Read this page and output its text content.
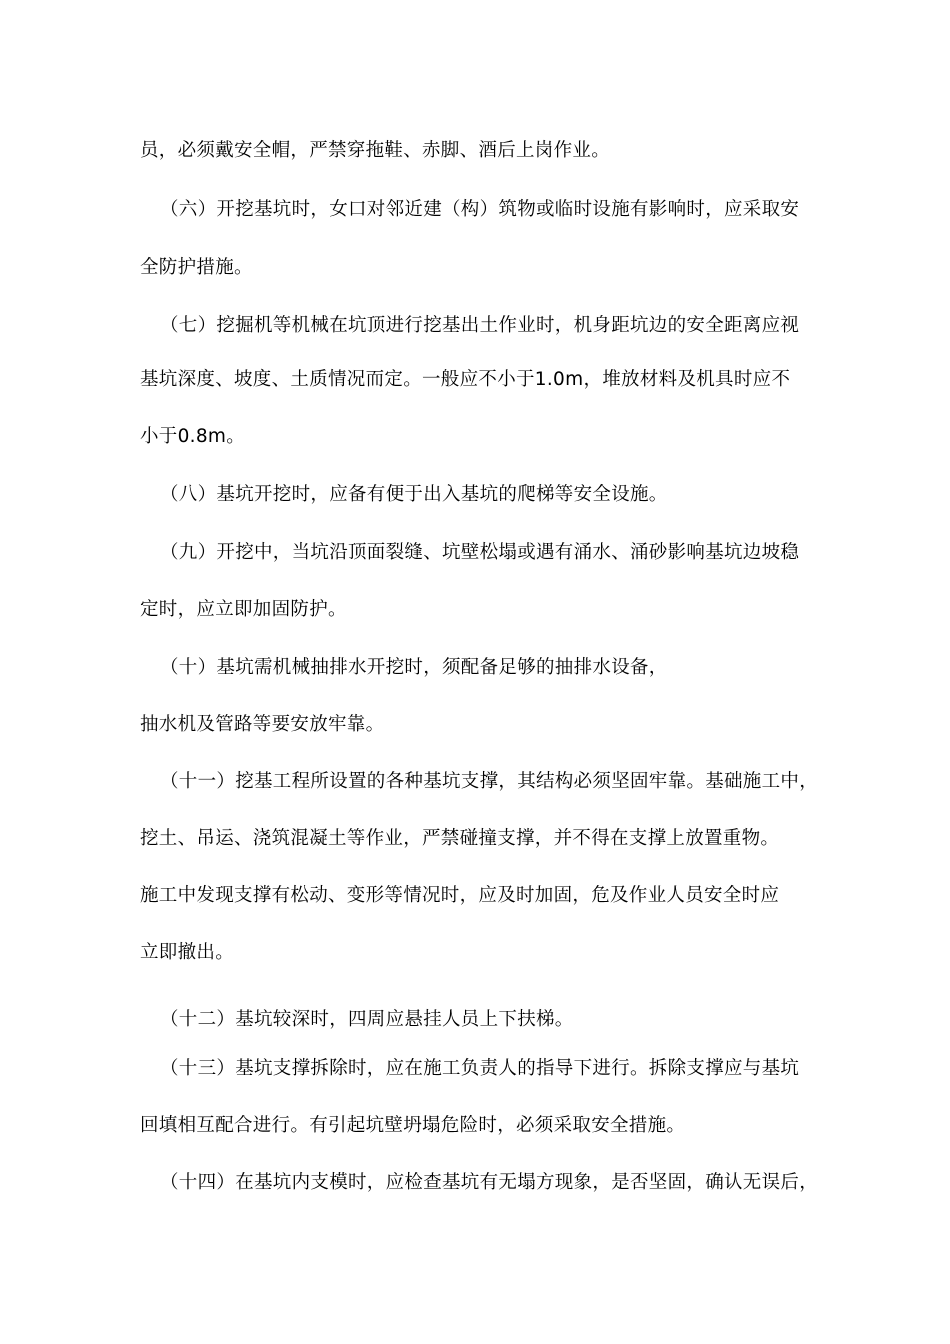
员，必须戴安全帽，严禁穿拖鞋、赤脚、酒后上岗作业。
（六）开挖基坑时，女口对邻近建（构）筑物或临时设施有影响时，应采取安
全防护措施。
（七）挖掘机等机械在坑顶进行挖基出土作业时，机身距坑边的安全距离应视
基坑深度、坡度、土质情况而定。一般应不小于1.0m，堆放材料及机具时应不
小于0.8m。
（八）基坑开挖时，应备有便于出入基坑的爬梯等安全设施。
（九）开挖中，当坑沿顶面裂缝、坑壁松塌或遇有涌水、涌砂影响基坑边坡稳
定时，应立即加固防护。
（十）基坑需机械抽排水开挖时，须配备足够的抽排水设备，
抽水机及管路等要安放牢靠。
（十一）挖基工程所设置的各种基坑支撑，其结构必须坚固牢靠。基础施工中，
挖土、吊运、浇筑混凝土等作业，严禁碰撞支撑，并不得在支撑上放置重物。
施工中发现支撑有松动、变形等情况时，应及时加固，危及作业人员安全时应
立即撤出。
（十二）基坑较深时，四周应悬挂人员上下扶梯。
（十三）基坑支撑拆除时，应在施工负责人的指导下进行。拆除支撑应与基坑
回填相互配合进行。有引起坑壁坍塌危险时，必须采取安全措施。
（十四）在基坑内支模时，应检查基坑有无塌方现象，是否坚固，确认无误后，
